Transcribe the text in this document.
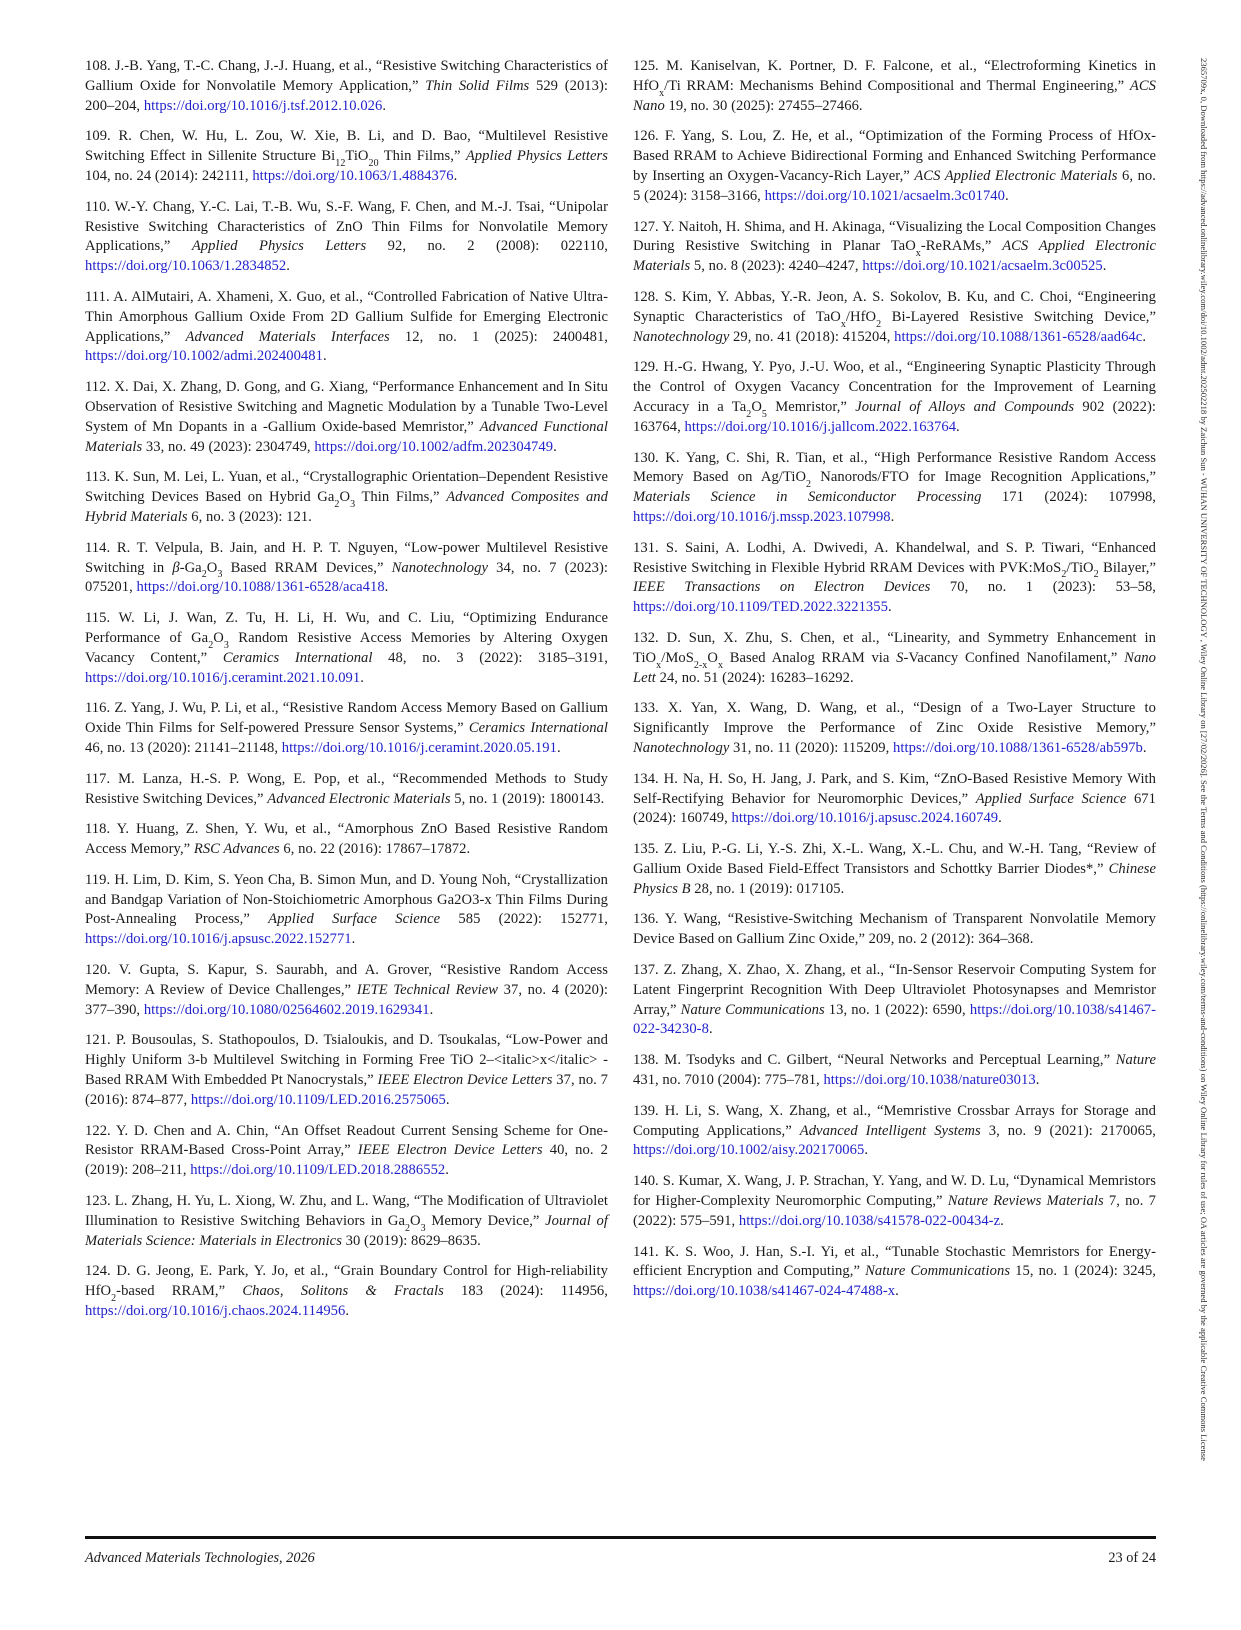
108. J.-B. Yang, T.-C. Chang, J.-J. Huang, et al., “Resistive Switching Characteristics of Gallium Oxide for Nonvolatile Memory Application,” Thin Solid Films 529 (2013): 200–204, https://doi.org/10.1016/j.tsf.2012.10.026.

109. R. Chen, W. Hu, L. Zou, W. Xie, B. Li, and D. Bao, “Multilevel Resistive Switching Effect in Sillenite Structure $Bi_{12}TiO_{20}$ Thin Films,” Applied Physics Letters 104, no. 24 (2014): 242111, https://doi.org/10.1063/1.4884376.

110. W.-Y. Chang, Y.-C. Lai, T.-B. Wu, S.-F. Wang, F. Chen, and M.-J. Tsai, “Unipolar Resistive Switching Characteristics of ZnO Thin Films for Nonvolatile Memory Applications,” Applied Physics Letters 92, no. 2 (2008): 022110, https://doi.org/10.1063/1.2834852.

111. A. AlMutairi, A. Xhameni, X. Guo, et al., “Controlled Fabrication of Native Ultra-Thin Amorphous Gallium Oxide From 2D Gallium Sulfide for Emerging Electronic Applications,” Advanced Materials Interfaces 12, no. 1 (2025): 2400481, https://doi.org/10.1002/admi.202400481.

112. X. Dai, X. Zhang, D. Gong, and G. Xiang, “Performance Enhancement and In Situ Observation of Resistive Switching and Magnetic Modulation by a Tunable Two-Level System of Mn Dopants in a -Gallium Oxide-based Memristor,” Advanced Functional Materials 33, no. 49 (2023): 2304749, https://doi.org/10.1002/adfm.202304749.

113. K. Sun, M. Lei, L. Yuan, et al., “Crystallographic Orientation–Dependent Resistive Switching Devices Based on Hybrid $Ga_2O_3$ Thin Films,” Advanced Composites and Hybrid Materials 6, no. 3 (2023): 121.

114. R. T. Velpula, B. Jain, and H. P. T. Nguyen, “Low-power Multilevel Resistive Switching in $\beta-Ga_2O_3$ Based RRAM Devices,” Nanotechnology 34, no. 7 (2023): 075201, https://doi.org/10.1088/1361-6528/aca418.

115. W. Li, J. Wan, Z. Tu, H. Li, H. Wu, and C. Liu, “Optimizing Endurance Performance of $Ga_2O_3$ Random Resistive Access Memories by Altering Oxygen Vacancy Content,” Ceramics International 48, no. 3 (2022): 3185–3191, https://doi.org/10.1016/j.ceramint.2021.10.091.

116. Z. Yang, J. Wu, P. Li, et al., “Resistive Random Access Memory Based on Gallium Oxide Thin Films for Self-powered Pressure Sensor Systems,” Ceramics International 46, no. 13 (2020): 21141–21148, https://doi.org/10.1016/j.ceramint.2020.05.191.

117. M. Lanza, H.-S. P. Wong, E. Pop, et al., “Recommended Methods to Study Resistive Switching Devices,” Advanced Electronic Materials 5, no. 1 (2019): 1800143.

118. Y. Huang, Z. Shen, Y. Wu, et al., “Amorphous ZnO Based Resistive Random Access Memory,” RSC Advances 6, no. 22 (2016): 17867–17872.

119. H. Lim, D. Kim, S. Yeon Cha, B. Simon Mun, and D. Young Noh, “Crystallization and Bandgap Variation of Non-Stoichiometric Amorphous Ga2O3-x Thin Films During Post-Annealing Process,” Applied Surface Science 585 (2022): 152771, https://doi.org/10.1016/j.apsusc.2022.152771.

120. V. Gupta, S. Kapur, S. Saurabh, and A. Grover, “Resistive Random Access Memory: A Review of Device Challenges,” IETE Technical Review 37, no. 4 (2020): 377–390, https://doi.org/10.1080/02564602.2019.1629341.

121. P. Bousoulas, S. Stathopoulos, D. Tsialoukis, and D. Tsoukalas, “Low-Power and Highly Uniform 3-b Multilevel Switching in Forming Free TiO 2–<italic>x</italic> -Based RRAM With Embedded Pt Nanocrystals,” IEEE Electron Device Letters 37, no. 7 (2016): 874–877, https://doi.org/10.1109/LED.2016.2575065.

122. Y. D. Chen and A. Chin, “An Offset Readout Current Sensing Scheme for One-Resistor RRAM-Based Cross-Point Array,” IEEE Electron Device Letters 40, no. 2 (2019): 208–211, https://doi.org/10.1109/LED.2018.2886552.

123. L. Zhang, H. Yu, L. Xiong, W. Zhu, and L. Wang, “The Modification of Ultraviolet Illumination to Resistive Switching Behaviors in $Ga_2O_3$ Memory Device,” Journal of Materials Science: Materials in Electronics 30 (2019): 8629–8635.

124. D. G. Jeong, E. Park, Y. Jo, et al., “Grain Boundary Control for High-reliability HfO$_2$-based RRAM,” Chaos, Solitons & Fractals 183 (2024): 114956, https://doi.org/10.1016/j.chaos.2024.114956.

125. M. Kaniselvan, K. Portner, D. F. Falcone, et al., “Electroforming Kinetics in HfO$_x$/Ti RRAM: Mechanisms Behind Compositional and Thermal Engineering,” ACS Nano 19, no. 30 (2025): 27455–27466.

126. F. Yang, S. Lou, Z. He, et al., “Optimization of the Forming Process of HfOx-Based RRAM to Achieve Bidirectional Forming and Enhanced Switching Performance by Inserting an Oxygen-Vacancy-Rich Layer,” ACS Applied Electronic Materials 6, no. 5 (2024): 3158–3166, https://doi.org/10.1021/acsaelm.3c01740.

127. Y. Naitoh, H. Shima, and H. Akinaga, “Visualizing the Local Composition Changes During Resistive Switching in Planar TaO$_x$-ReRAMs,” ACS Applied Electronic Materials 5, no. 8 (2023): 4240–4247, https://doi.org/10.1021/acsaelm.3c00525.

128. S. Kim, Y. Abbas, Y.-R. Jeon, A. S. Sokolov, B. Ku, and C. Choi, “Engineering Synaptic Characteristics of TaO$_x$/HfO$_2$ Bi-Layered Resistive Switching Device,” Nanotechnology 29, no. 41 (2018): 415204, https://doi.org/10.1088/1361-6528/aad64c.

129. H.-G. Hwang, Y. Pyo, J.-U. Woo, et al., “Engineering Synaptic Plasticity Through the Control of Oxygen Vacancy Concentration for the Improvement of Learning Accuracy in a $Ta_2O_5$ Memristor,” Journal of Alloys and Compounds 902 (2022): 163764, https://doi.org/10.1016/j.jallcom.2022.163764.

130. K. Yang, C. Shi, R. Tian, et al., “High Performance Resistive Random Access Memory Based on Ag/TiO$_2$ Nanorods/FTO for Image Recognition Applications,” Materials Science in Semiconductor Processing 171 (2024): 107998, https://doi.org/10.1016/j.mssp.2023.107998.

131. S. Saini, A. Lodhi, A. Dwivedi, A. Khandelwal, and S. P. Tiwari, “Enhanced Resistive Switching in Flexible Hybrid RRAM Devices with PVK:MoS$_2$/TiO$_2$ Bilayer,” IEEE Transactions on Electron Devices 70, no. 1 (2023): 53–58, https://doi.org/10.1109/TED.2022.3221355.

132. D. Sun, X. Zhu, S. Chen, et al., “Linearity, and Symmetry Enhancement in $TiO_x/MoS_{2-x}O_x$ Based Analog RRAM via S-Vacancy Confined Nanofilament,” Nano Lett 24, no. 51 (2024): 16283–16292.

133. X. Yan, X. Wang, D. Wang, et al., “Design of a Two-Layer Structure to Significantly Improve the Performance of Zinc Oxide Resistive Memory,” Nanotechnology 31, no. 11 (2020): 115209, https://doi.org/10.1088/1361-6528/ab597b.

134. H. Na, H. So, H. Jang, J. Park, and S. Kim, “ZnO-Based Resistive Memory With Self-Rectifying Behavior for Neuromorphic Devices,” Applied Surface Science 671 (2024): 160749, https://doi.org/10.1016/j.apsusc.2024.160749.

135. Z. Liu, P.-G. Li, Y.-S. Zhi, X.-L. Wang, X.-L. Chu, and W.-H. Tang, “Review of Gallium Oxide Based Field-Effect Transistors and Schottky Barrier Diodes*,” Chinese Physics B 28, no. 1 (2019): 017105.

136. Y. Wang, “Resistive-Switching Mechanism of Transparent Nonvolatile Memory Device Based on Gallium Zinc Oxide,” 209, no. 2 (2012): 364–368.

137. Z. Zhang, X. Zhao, X. Zhang, et al., “In-Sensor Reservoir Computing System for Latent Fingerprint Recognition With Deep Ultraviolet Photosynapses and Memristor Array,” Nature Communications 13, no. 1 (2022): 6590, https://doi.org/10.1038/s41467-022-34230-8.

138. M. Tsodyks and C. Gilbert, “Neural Networks and Perceptual Learning,” Nature 431, no. 7010 (2004): 775–781, https://doi.org/10.1038/nature03013.

139. H. Li, S. Wang, X. Zhang, et al., “Memristive Crossbar Arrays for Storage and Computing Applications,” Advanced Intelligent Systems 3, no. 9 (2021): 2170065, https://doi.org/10.1002/aisy.202170065.

140. S. Kumar, X. Wang, J. P. Strachan, Y. Yang, and W. D. Lu, “Dynamical Memristors for Higher-Complexity Neuromorphic Computing,” Nature Reviews Materials 7, no. 7 (2022): 575–591, https://doi.org/10.1038/s41578-022-00434-z.

141. K. S. Woo, J. Han, S.-I. Yi, et al., “Tunable Stochastic Memristors for Energy-efficient Encryption and Computing,” Nature Communications 15, no. 1 (2024): 3245, https://doi.org/10.1038/s41467-024-47488-x.	2365709x, 0, Downloaded from https://advanced.onlinelibrary.wiley.com/doi/10.1002/admt.202502218 by Zaichun Sun - WUHAN UNIVERSITY OF TECHNOLOGY , Wiley Online Library on [27/02/2026]. See the Terms and Conditions (https://onlinelibrary.wiley.com/terms-and-conditions) on Wiley Online Library for rules of use; OA articles are governed by the applicable Creative Commons License
Advanced Materials Technologies, 2026	23 of 24
